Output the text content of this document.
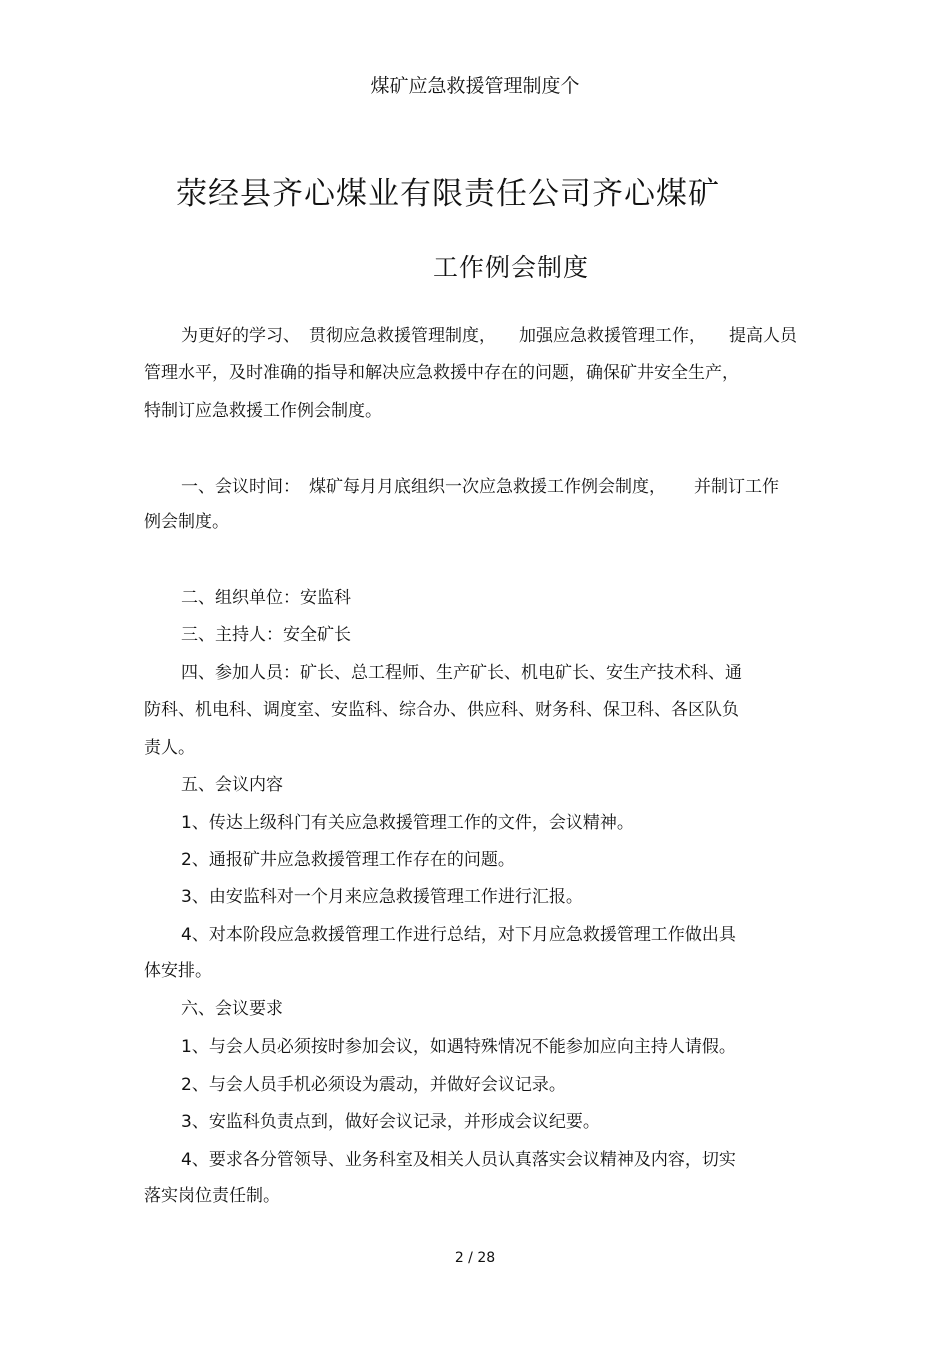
煤矿应急救援管理制度个
荥经县齐心煤业有限责任公司齐心煤矿
工作例会制度
为更好的学习、 贯彻应急救援管理制度， 加强应急救援管理工作， 提高人员
管理水平，及时准确的指导和解决应急救援中存在的问题，确保矿井安全生产，
特制订应急救援工作例会制度。
一、会议时间： 煤矿每月月底组织一次应急救援工作例会制度， 并制订工作
例会制度。
二、组织单位：安监科
三、主持人：安全矿长
四、参加人员：矿长、总工程师、生产矿长、机电矿长、安生产技术科、通
防科、机电科、调度室、安监科、综合办、供应科、财务科、保卫科、各区队负
责人。
五、会议内容
1、传达上级科门有关应急救援管理工作的文件，会议精神。
2、通报矿井应急救援管理工作存在的问题。
3、由安监科对一个月来应急救援管理工作进行汇报。
4、对本阶段应急救援管理工作进行总结，对下月应急救援管理工作做出具
体安排。
六、会议要求
1、与会人员必须按时参加会议，如遇特殊情况不能参加应向主持人请假。
2、与会人员手机必须设为震动，并做好会议记录。
3、安监科负责点到，做好会议记录，并形成会议纪要。
4、要求各分管领导、业务科室及相关人员认真落实会议精神及内容，切实
落实岗位责任制。
2 / 28
